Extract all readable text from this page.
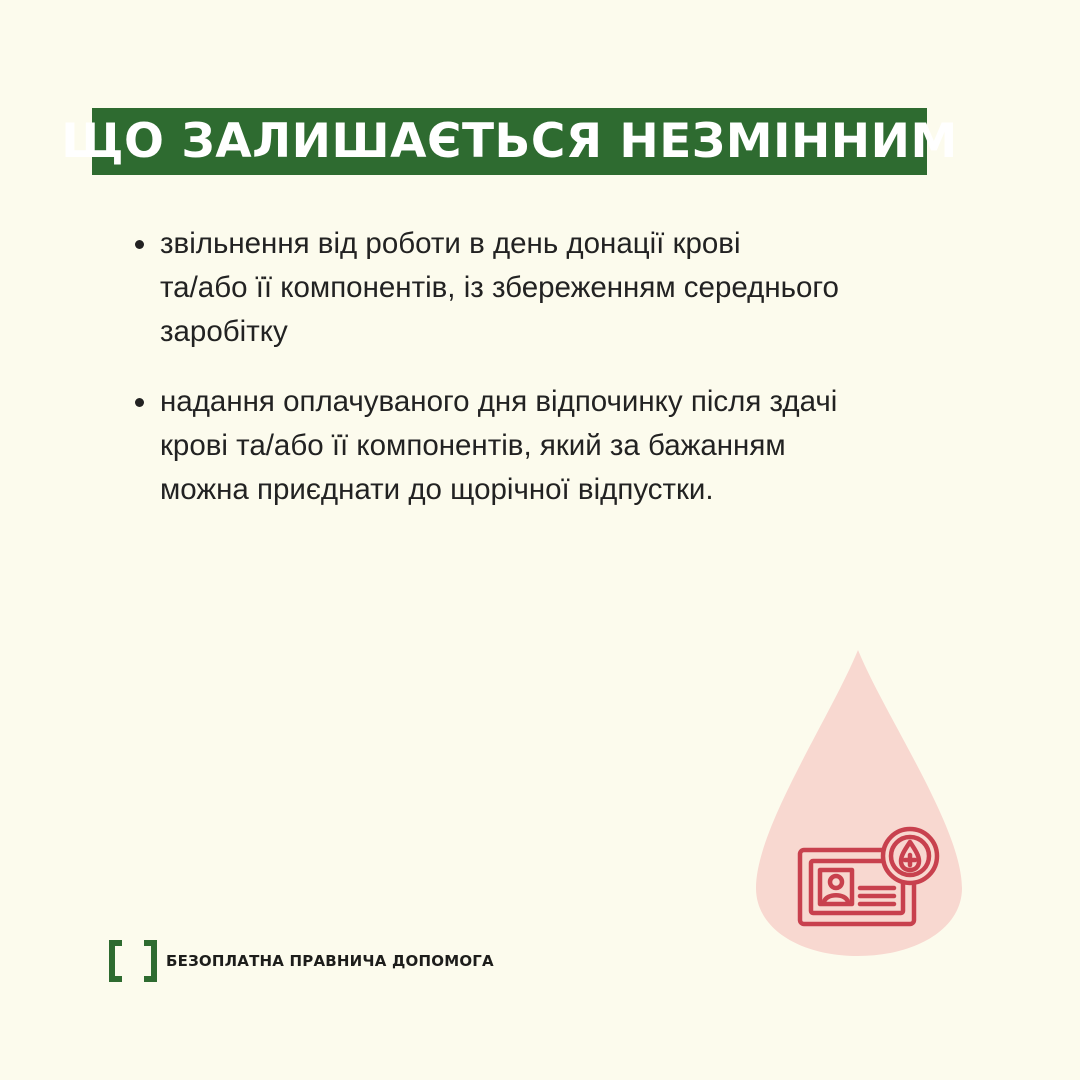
ЩО ЗАЛИШАЄТЬСЯ НЕЗМІННИМ
звільнення від роботи в день донації крові
та/або її компонентів, із збереженням середнього
заробітку
надання оплачуваного дня відпочинку після здачі
крові та/або її компонентів, який за бажанням
можна приєднати до щорічної відпустки.
БЕЗОПЛАТНА ПРАВНИЧА ДОПОМОГА
